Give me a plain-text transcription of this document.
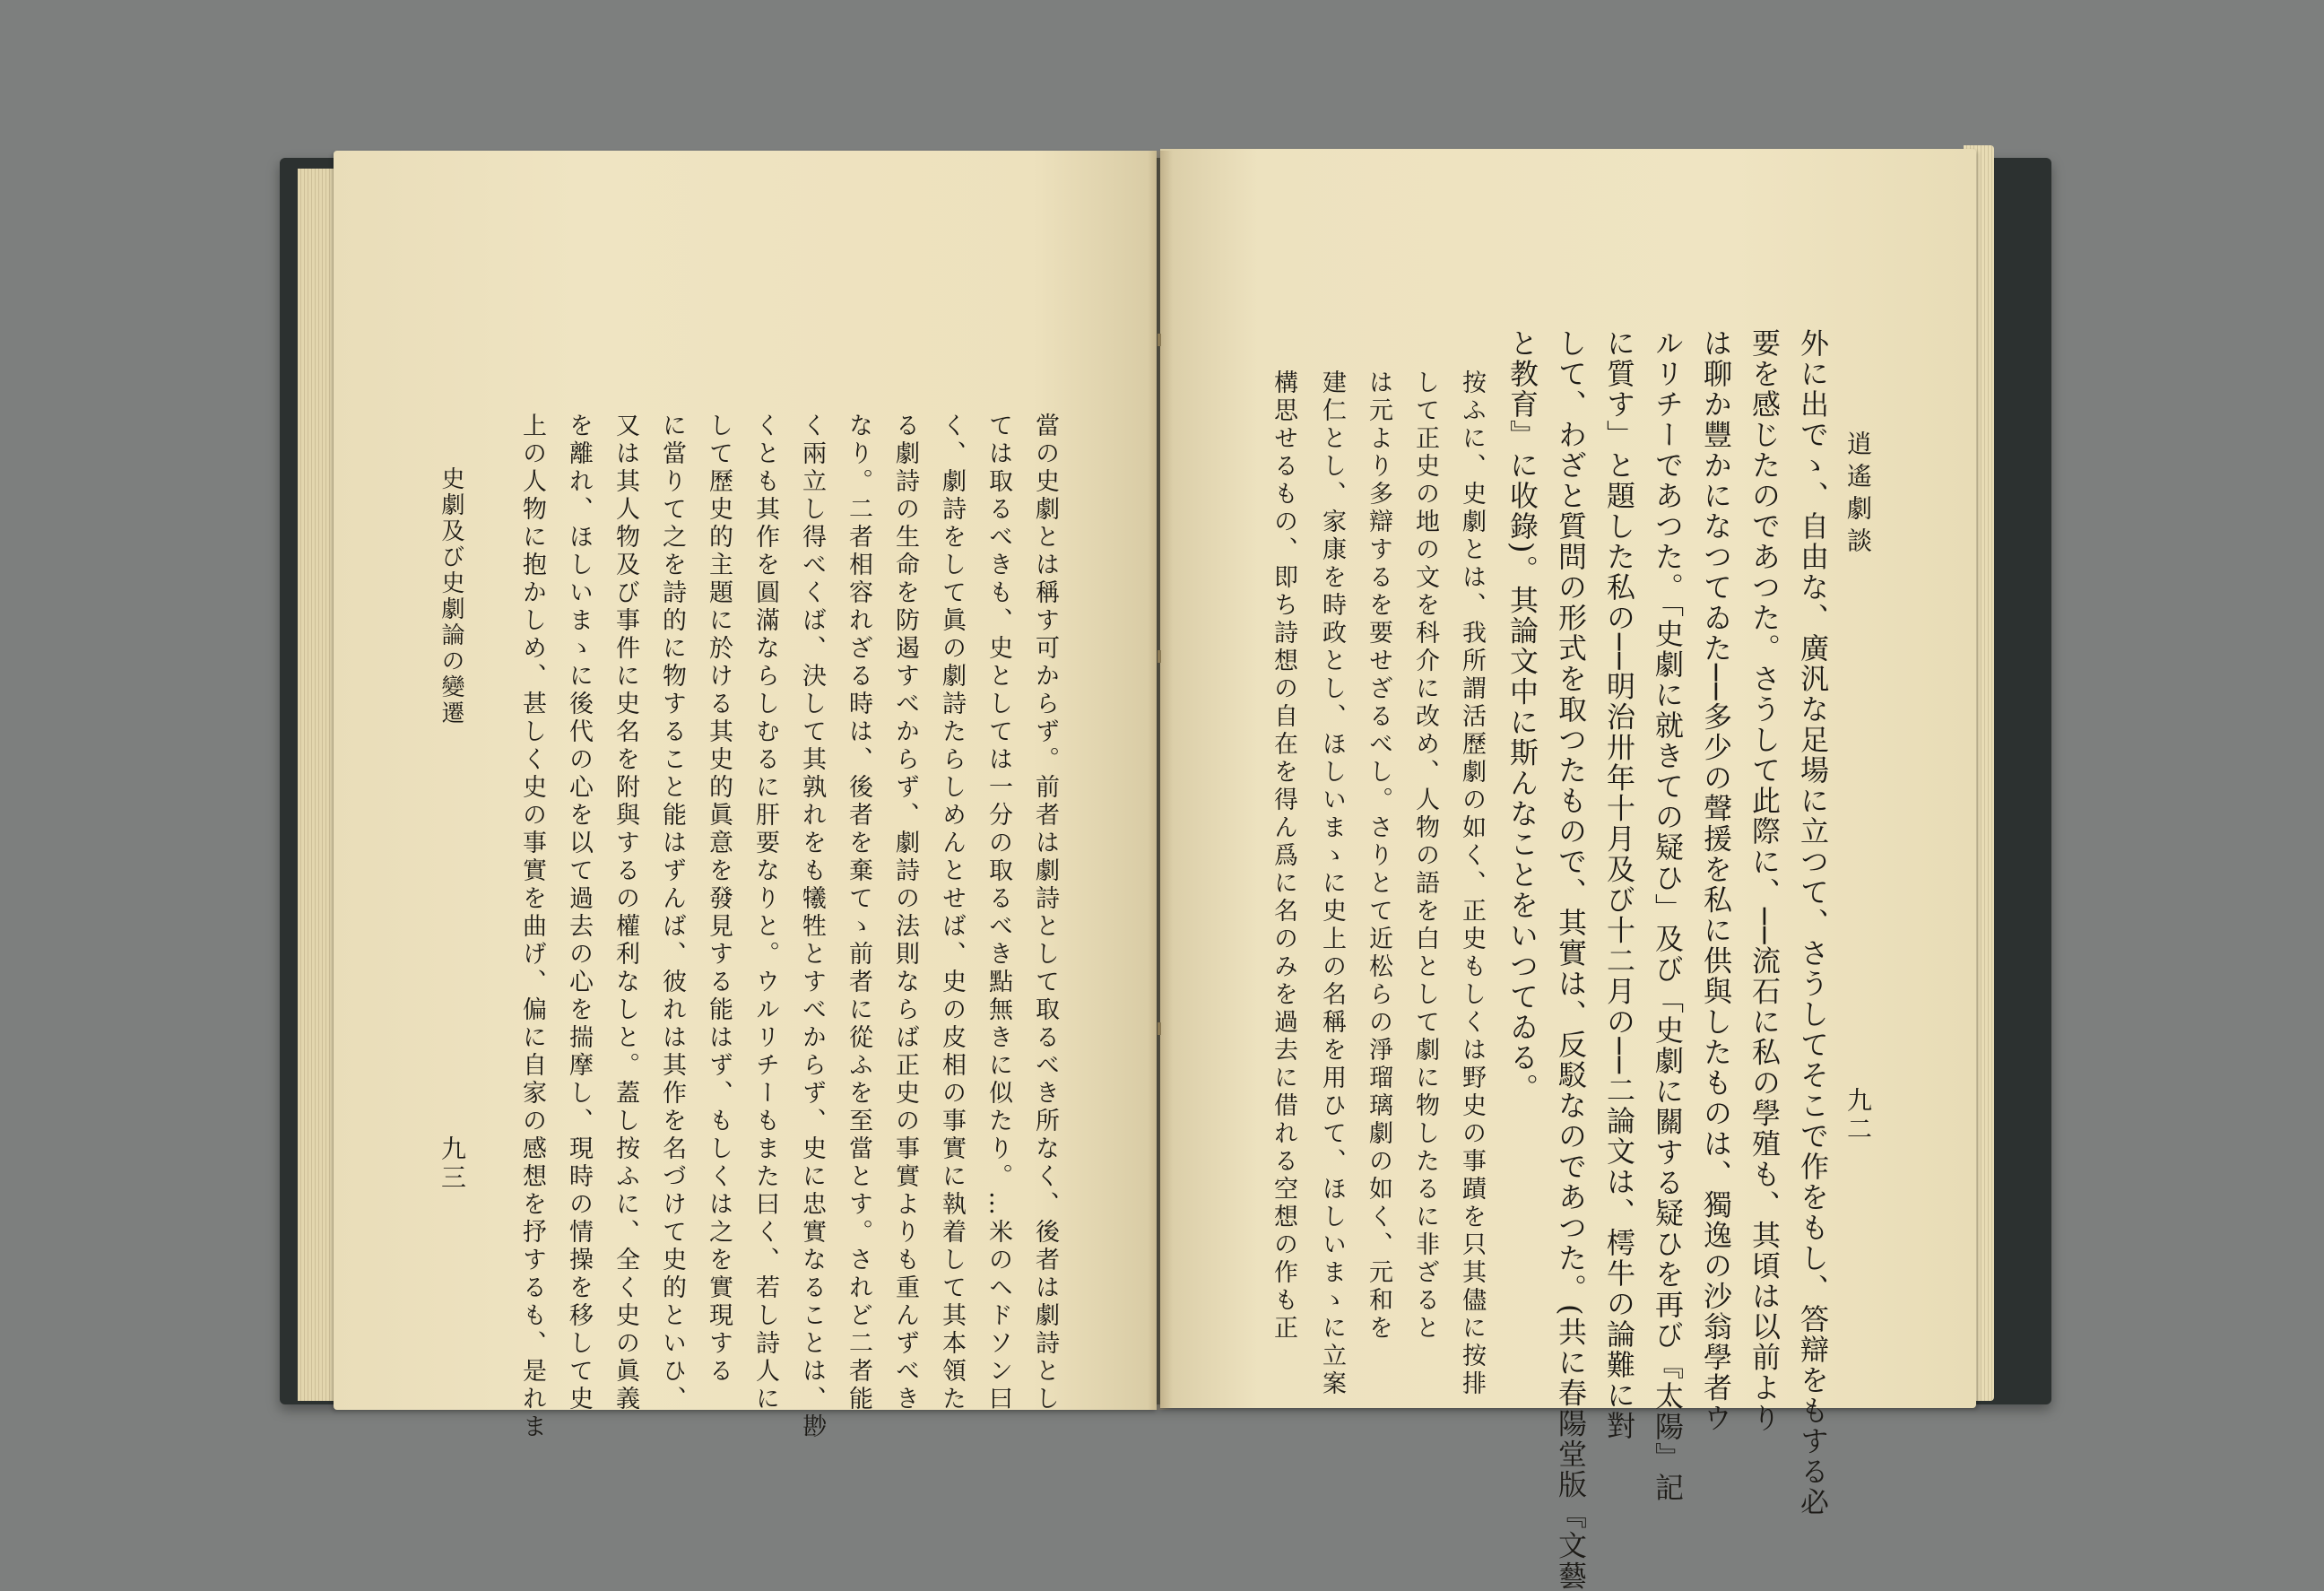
逍遙劇談
九二
外に出でゝ、自由な、廣汎な足場に立つて、さうしてそこで作をもし、答辯をもする必
要を感じたのであつた。さうして此際に、──流石に私の學殖も、其頃は以前より
は聊か豐かになつてゐた──多少の聲援を私に供與したものは、獨逸の沙翁學者ウ
ルリチーであつた。「史劇に就きての疑ひ」及び「史劇に關する疑ひを再び『太陽』記
に質す」と題した私の──明治卅年十月及び十二月の──二論文は、樗牛の論難に對
して、わざと質問の形式を取つたもので、其實は、反駁なのであつた。(共に春陽堂版『文藝
と教育』に收錄)。其論文中に斯んなことをいつてゐる。
按ふに、史劇とは、我所謂活歷劇の如く、正史もしくは野史の事蹟を只其儘に按排
して正史の地の文を科介に改め、人物の語を白として劇に物したるに非ざると
は元より多辯するを要せざるべし。さりとて近松らの淨瑠璃劇の如く、元和を
建仁とし、家康を時政とし、ほしいまゝに史上の名稱を用ひて、ほしいまゝに立案
構思せるもの、即ち詩想の自在を得ん爲に名のみを過去に借れる空想の作も正
當の史劇とは稱す可からず。前者は劇詩として取るべき所なく、後者は劇詩とし
ては取るべきも、史としては一分の取るべき點無きに似たり。…米のヘドソン曰
く、劇詩をして眞の劇詩たらしめんとせば、史の皮相の事實に執着して其本領た
る劇詩の生命を防遏すべからず、劇詩の法則ならば正史の事實よりも重んずべき
なり。二者相容れざる時は、後者を棄てゝ前者に從ふを至當とす。されど二者能
く兩立し得べくば、決して其孰れをも犧牲とすべからず、史に忠實なることは、尠
くとも其作を圓滿ならしむるに肝要なりと。ウルリチーもまた曰く、若し詩人に
して歷史的主題に於ける其史的眞意を發見する能はず、もしくは之を實現する
に當りて之を詩的に物すること能はずんば、彼れは其作を名づけて史的といひ、
又は其人物及び事件に史名を附與するの權利なしと。蓋し按ふに、全く史の眞義
を離れ、ほしいまゝに後代の心を以て過去の心を揣摩し、現時の情操を移して史
上の人物に抱かしめ、甚しく史の事實を曲げ、偏に自家の感想を抒するも、是れま
史劇及び史劇論の變遷
九三
